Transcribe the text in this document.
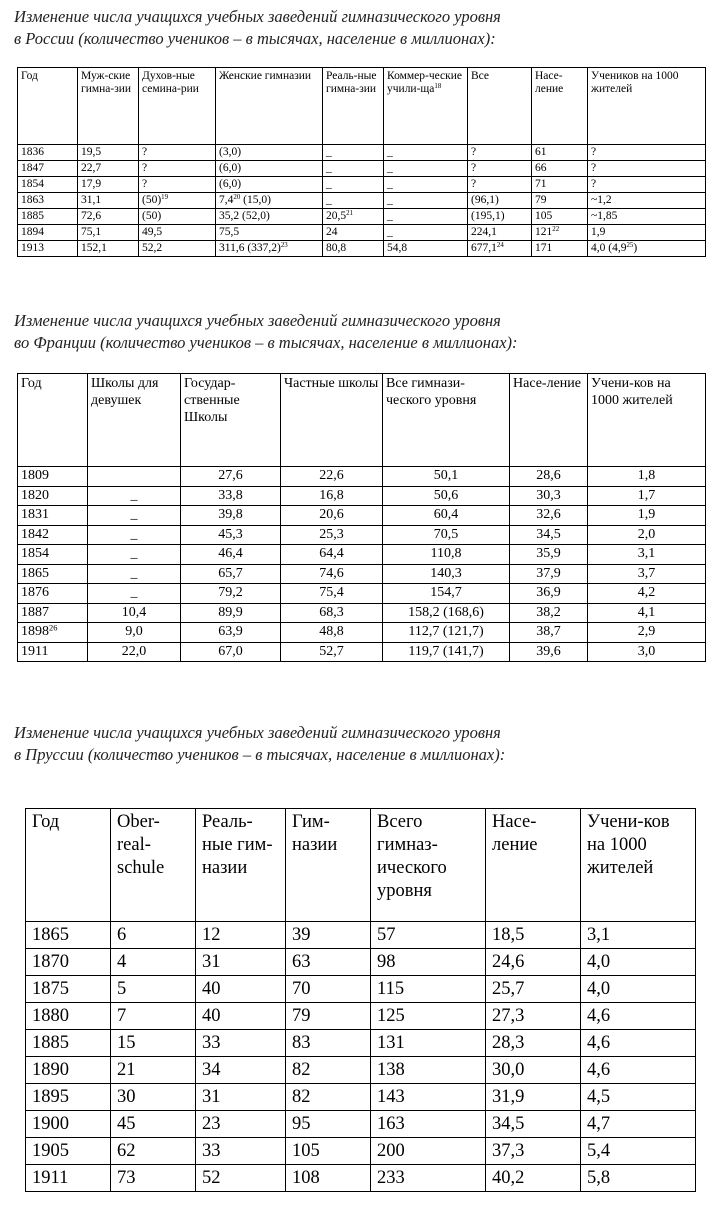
Изменение числа учащихся учебных заведений гимназического уровня
в России (количество учеников – в тысячах, население в миллионах):
Год	Муж-ские гимна-зии	Духов-ные семина-рии	Женские гимназии	Реаль-ные гимна-зии	Коммер-ческие учили-$ща^{18}$	Все	Насе-ление	Учеников на 1000 жителей
1836	19,5	?	(3,0)	_	_	?	61	?
1847	22,7	?	(6,0)	_	_	?	66	?
1854	17,9	?	(6,0)	_	_	?	71	?
1863	31,1	$(50)^{19}$	$7,4^{20}$ (15,0)	_	_	(96,1)	79	~1,2
1885	72,6	(50)	35,2 (52,0)	20,5$^{21}$	_	(195,1)	105	~1,85
1894	75,1	49,5	75,5	24	_	224,1	$121^{22}$	1,9
1913	152,1	52,2	311,6 $(337,2)^{23}$	80,8	54,8	677,1$^{24}$	171	4,0 $(4,9^{25})$
Изменение числа учащихся учебных заведений гимназического уровня
во Франции (количество учеников – в тысячах, население в миллионах):
Год	Школы для девушек	Государ-ственные Школы	Частные школы	Все гимнази-ческого уровня	Насе-ление	Учени-ков на 1000 жителей
1809		27,6	22,6	50,1	28,6	1,8
1820	_	33,8	16,8	50,6	30,3	1,7
1831	_	39,8	20,6	60,4	32,6	1,9
1842	_	45,3	25,3	70,5	34,5	2,0
1854	_	46,4	64,4	110,8	35,9	3,1
1865	_	65,7	74,6	140,3	37,9	3,7
1876	_	79,2	75,4	154,7	36,9	4,2
1887	10,4	89,9	68,3	158,2 (168,6)	38,2	4,1
1898$^{26}$	9,0	63,9	48,8	112,7 (121,7)	38,7	2,9
1911	22,0	67,0	52,7	119,7 (141,7)	39,6	3,0
Изменение числа учащихся учебных заведений гимназического уровня
в Пруссии (количество учеников – в тысячах, население в миллионах):
Год	Ober-real-schule	Реаль-ные гим-назии	Гим-назии	Всего гимназ-ического уровня	Насе-ление	Учени-ков на 1000 жителей
1865	6	12	39	57	18,5	3,1
1870	4	31	63	98	24,6	4,0
1875	5	40	70	115	25,7	4,0
1880	7	40	79	125	27,3	4,6
1885	15	33	83	131	28,3	4,6
1890	21	34	82	138	30,0	4,6
1895	30	31	82	143	31,9	4,5
1900	45	23	95	163	34,5	4,7
1905	62	33	105	200	37,3	5,4
1911	73	52	108	233	40,2	5,8
